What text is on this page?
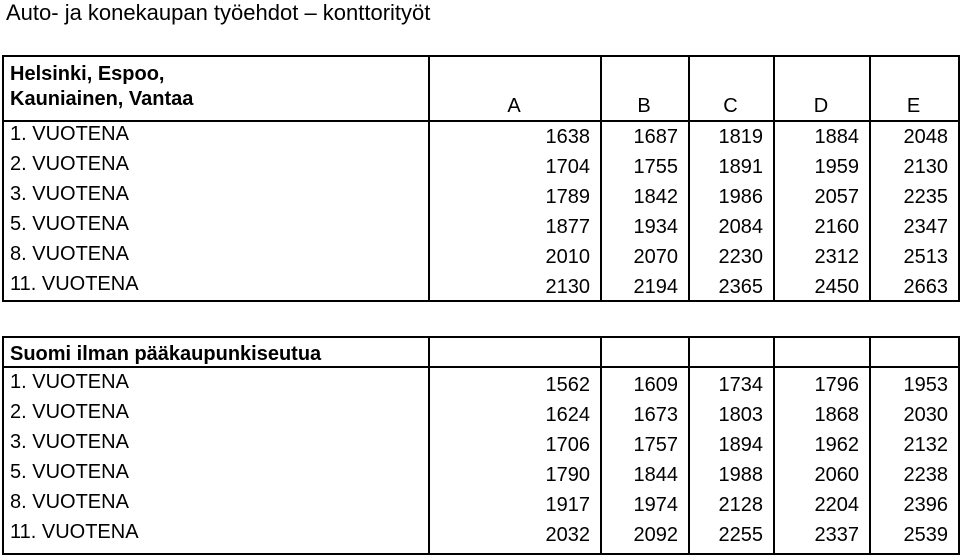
Auto- ja konekaupan työehdot – konttorityöt
Helsinki, Espoo,
Kauniainen, Vantaa	A	B	C	D	E
1. VUOTENA	1638	1687	1819	1884	2048
2. VUOTENA	1704	1755	1891	1959	2130
3. VUOTENA	1789	1842	1986	2057	2235
5. VUOTENA	1877	1934	2084	2160	2347
8. VUOTENA	2010	2070	2230	2312	2513
11. VUOTENA	2130	2194	2365	2450	2663
Suomi ilman pääkaupunkiseutua
1. VUOTENA	1562	1609	1734	1796	1953
2. VUOTENA	1624	1673	1803	1868	2030
3. VUOTENA	1706	1757	1894	1962	2132
5. VUOTENA	1790	1844	1988	2060	2238
8. VUOTENA	1917	1974	2128	2204	2396
11. VUOTENA	2032	2092	2255	2337	2539
